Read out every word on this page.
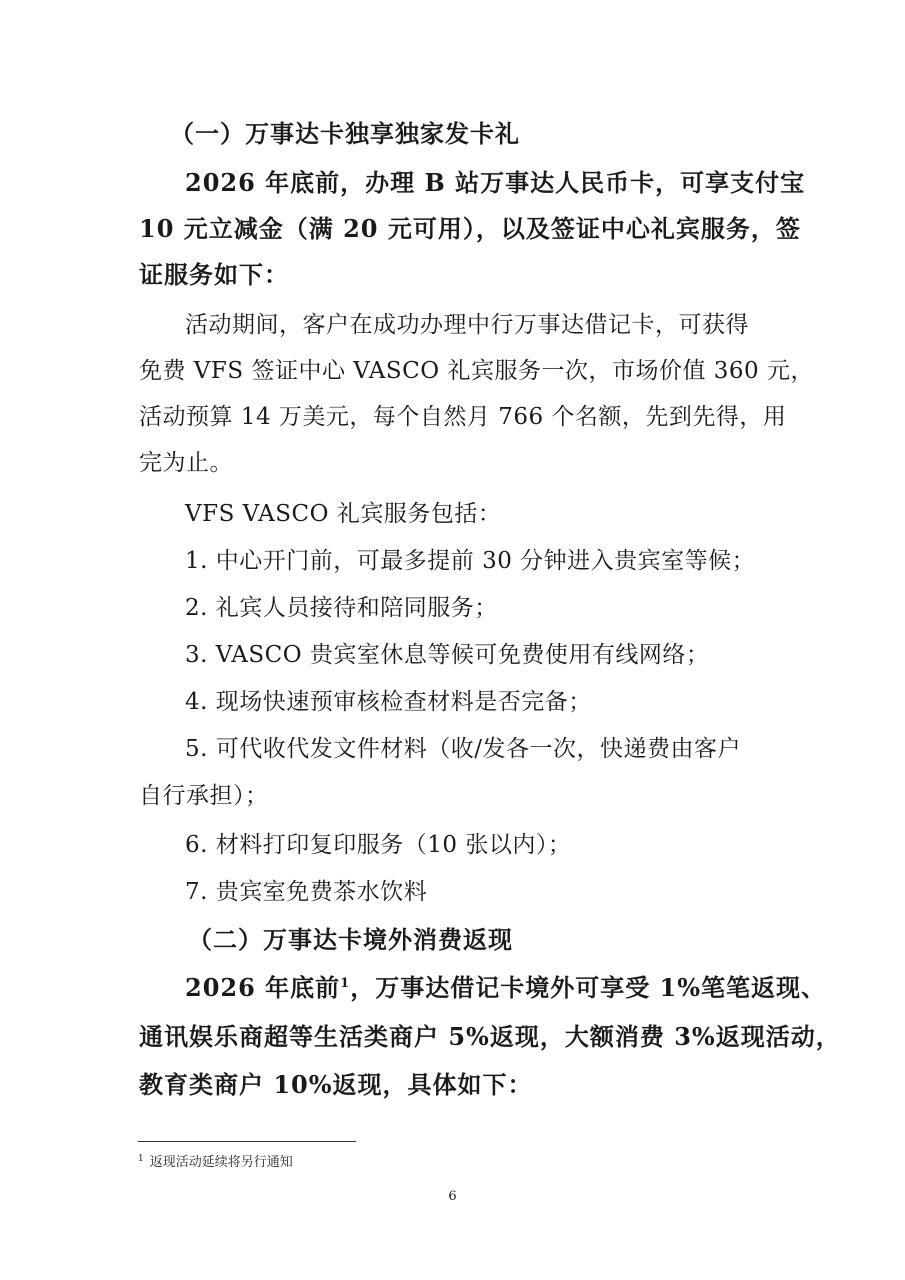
（一）万事达卡独享独家发卡礼
2026 年底前，办理 B 站万事达人民币卡，可享支付宝
10 元立减金（满 20 元可用），以及签证中心礼宾服务，签
证服务如下：
活动期间，客户在成功办理中行万事达借记卡，可获得
免费 VFS 签证中心 VASCO 礼宾服务一次，市场价值 360 元，
活动预算 14 万美元，每个自然月 766 个名额，先到先得，用
完为止。
VFS VASCO 礼宾服务包括：
1. 中心开门前，可最多提前 30 分钟进入贵宾室等候；
2. 礼宾人员接待和陪同服务；
3. VASCO 贵宾室休息等候可免费使用有线网络；
4. 现场快速预审核检查材料是否完备；
5. 可代收代发文件材料（收/发各一次，快递费由客户
自行承担）；
6. 材料打印复印服务（10 张以内）；
7. 贵宾室免费茶水饮料
（二）万事达卡境外消费返现
2026 年底前$^1$，万事达借记卡境外可享受 1%笔笔返现、
通讯娱乐商超等生活类商户 5%返现，大额消费 3%返现活动，
教育类商户 10%返现，具体如下：
$^1$ 返现活动延续将另行通知
6
